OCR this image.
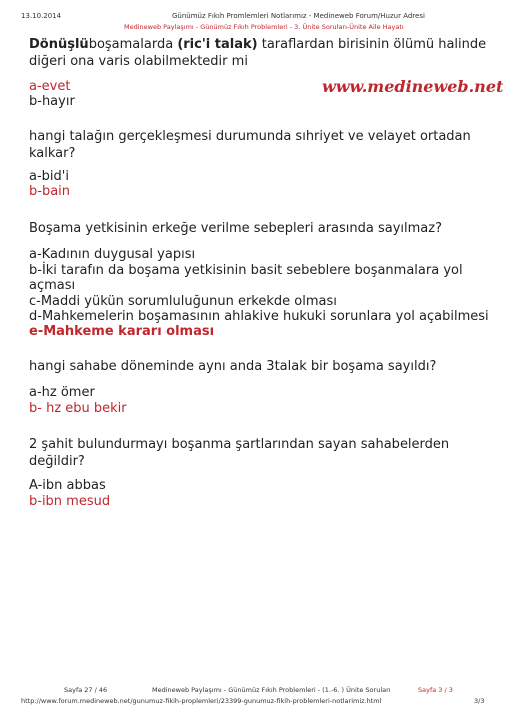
13.10.2014	Günümüz Fıkıh Promlemleri Notlarımız - Medineweb Forum/Huzur Adresi
Medineweb Paylaşımı - Günümüz Fıkıh Problemleri - 3. Ünite Soruları-Ünite Aile Hayatı
www.medineweb.net
Dönüşlüboşamalarda (ric'i talak) taraflardan birisinin ölümü halinde
diğeri ona varis olabilmektedir mi
a-evet
b-hayır
hangi talağın gerçekleşmesi durumunda sıhriyet ve velayet ortadan
kalkar?
a-bid'i
b-bain
Boşama yetkisinin erkeğe verilme sebepleri arasında sayılmaz?
a-Kadının duygusal yapısı
b-İki tarafın da boşama yetkisinin basit sebeblere boşanmalara yol
açması
c-Maddi yükün sorumluluğunun erkekde olması
d-Mahkemelerin boşamasının ahlakive hukuki sorunlara yol açabilmesi
e-Mahkeme kararı olması
hangi sahabe döneminde aynı anda 3talak bir boşama sayıldı?
a-hz ömer
b- hz ebu bekir
2 şahit bulundurmayı boşanma şartlarından sayan sahabelerden
değildir?
A-ibn abbas
b-ibn mesud
Sayfa 27 / 46	Medineweb Paylaşımı - Günümüz Fıkıh Problemleri - (1.-6. ) Ünite Soruları	Sayfa 3 / 3
http://www.forum.medineweb.net/gunumuz-fikih-proplemleri/23399-gunumuz-fikih-problemleri-notlarimiz.html	3/3
